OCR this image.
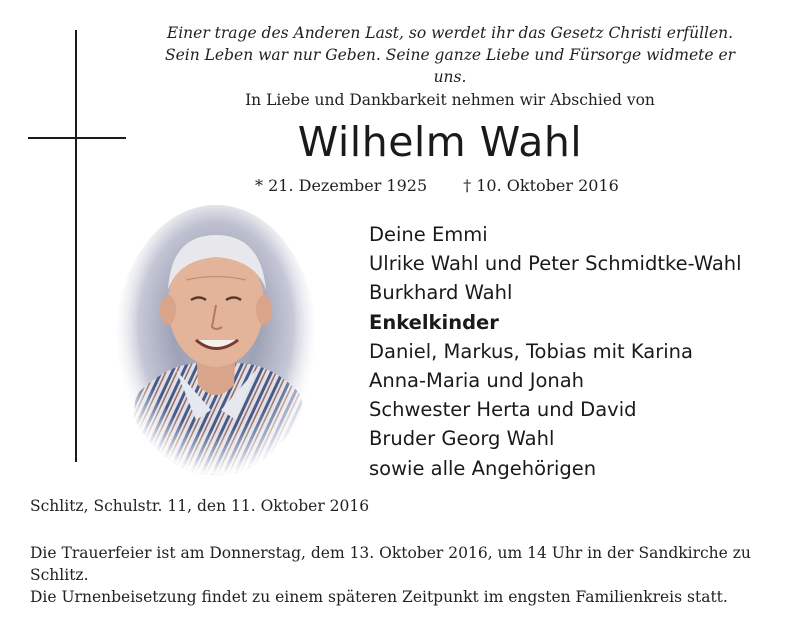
Einer trage des Anderen Last, so werdet ihr das Gesetz Christi erfüllen.
Sein Leben war nur Geben. Seine ganze Liebe und Fürsorge widmete er uns.
In Liebe und Dankbarkeit nehmen wir Abschied von
Wilhelm Wahl
* 21. Dezember 1925 † 10. Oktober 2016
Deine Emmi
Ulrike Wahl und Peter Schmidtke-Wahl
Burkhard Wahl
Enkelkinder
Daniel, Markus, Tobias mit Karina
Anna-Maria und Jonah
Schwester Herta und David
Bruder Georg Wahl
sowie alle Angehörigen
Schlitz, Schulstr. 11, den 11. Oktober 2016
Die Trauerfeier ist am Donnerstag, dem 13. Oktober 2016, um 14 Uhr in der Sandkirche zu Schlitz.
Die Urnenbeisetzung findet zu einem späteren Zeitpunkt im engsten Familienkreis statt.
